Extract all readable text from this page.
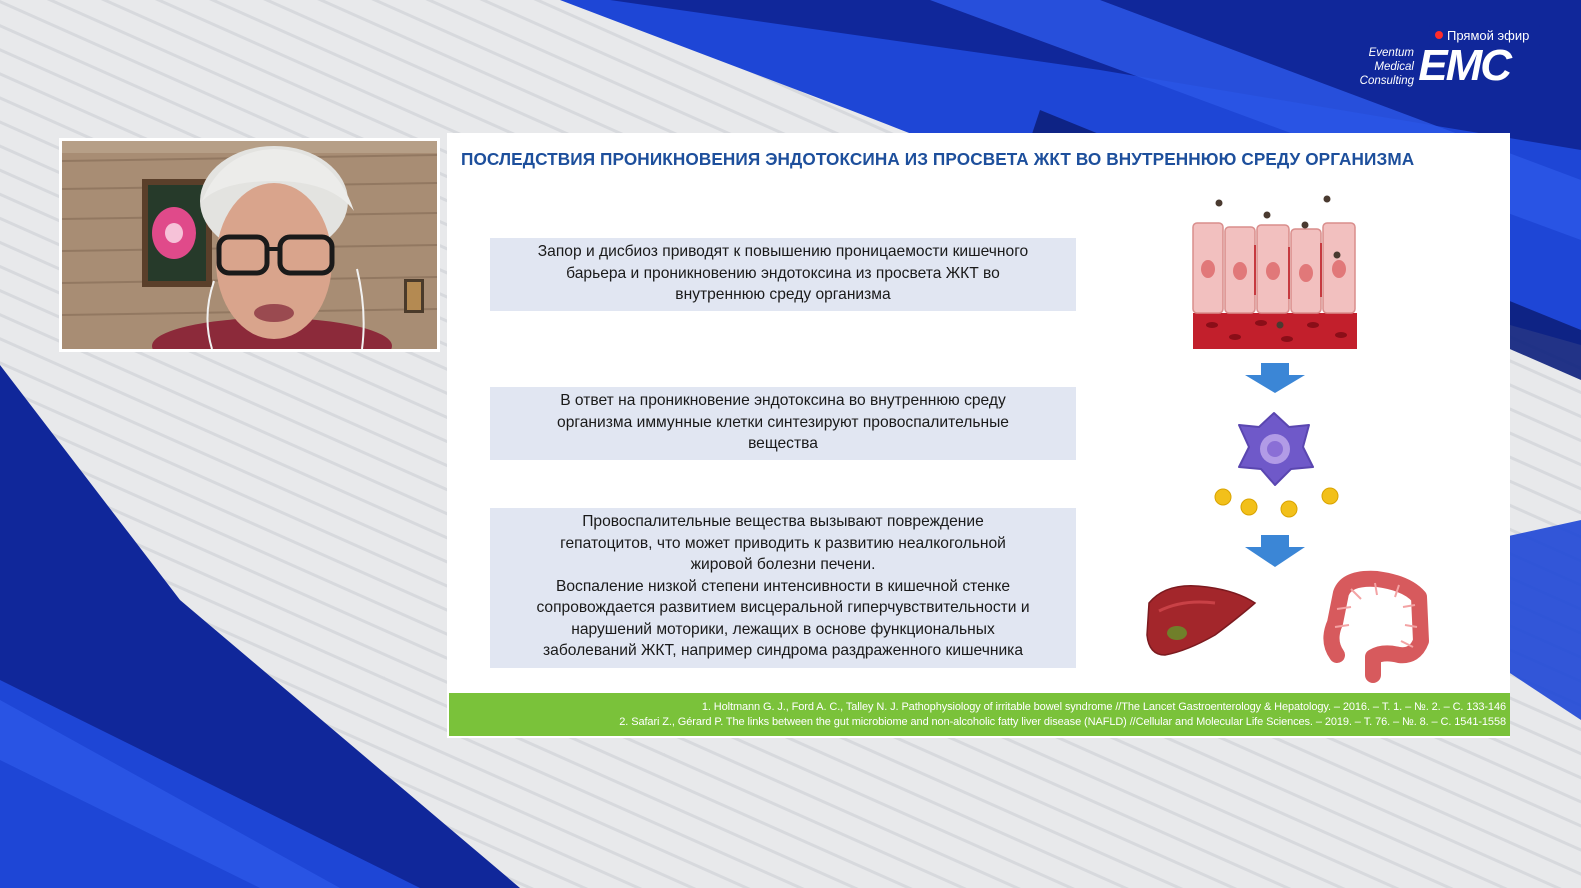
Прямой эфир
Eventum
Medical
Consulting EMC
ПОСЛЕДСТВИЯ ПРОНИКНОВЕНИЯ ЭНДОТОКСИНА ИЗ ПРОСВЕТА ЖКТ ВО ВНУТРЕННЮЮ СРЕДУ ОРГАНИЗМА
Запор и дисбиоз приводят к повышению проницаемости кишечного
барьера и проникновению эндотоксина из просвета ЖКТ во
внутреннюю среду организма
В ответ на проникновение эндотоксина во внутреннюю среду
организма иммунные клетки синтезируют провоспалительные
вещества
Провоспалительные вещества вызывают повреждение
гепатоцитов, что может приводить к развитию неалкогольной
жировой болезни печени.
Воспаление низкой степени интенсивности в кишечной стенке
сопровождается развитием висцеральной гиперчувствительности и
нарушений моторики, лежащих в основе функциональных
заболеваний ЖКТ, например синдрома раздраженного кишечника
1. Holtmann G. J., Ford A. C., Talley N. J. Pathophysiology of irritable bowel syndrome //The Lancet Gastroenterology & Hepatology. – 2016. – Т. 1. – №. 2. – С. 133-146
2. Safari Z., Gérard P. The links between the gut microbiome and non-alcoholic fatty liver disease (NAFLD) //Cellular and Molecular Life Sciences. – 2019. – Т. 76. – №. 8. – С. 1541-1558
